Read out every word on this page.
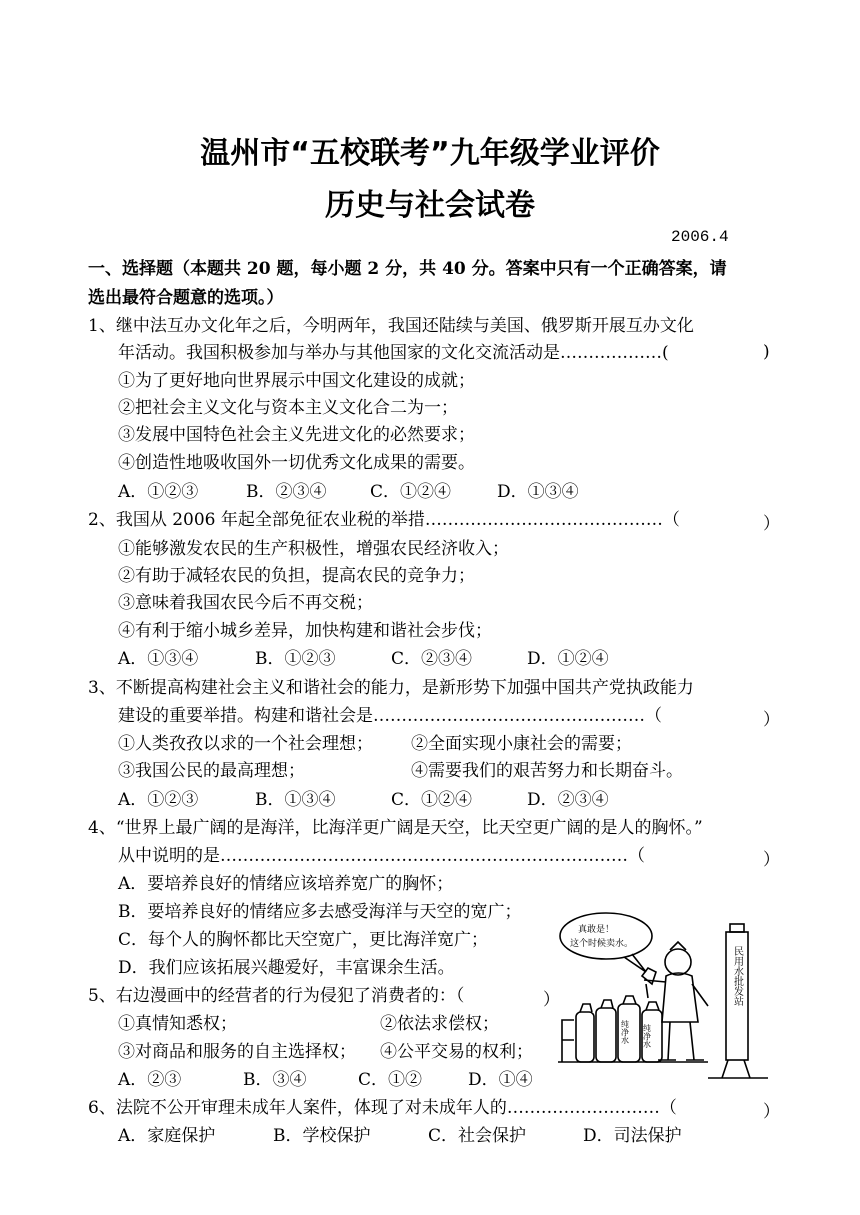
温州市“五校联考”九年级学业评价
历史与社会试卷
2006.4
一、选择题（本题共 20 题，每小题 2 分，共 40 分。答案中只有一个正确答案，请
选出最符合题意的选项。）
1、继中法互办文化年之后，今明两年，我国还陆续与美国、俄罗斯开展互办文化
年活动。我国积极参加与举办与其他国家的文化交流活动是………………(	)
①为了更好地向世界展示中国文化建设的成就；
②把社会主义文化与资本主义文化合二为一；
③发展中国特色社会主义先进文化的必然要求；
④创造性地吸收国外一切优秀文化成果的需要。
A．①②③	B．②③④	C．①②④	D．①③④
2、我国从 2006 年起全部免征农业税的举措……………………………………（	）
①能够激发农民的生产积极性，增强农民经济收入；
②有助于减轻农民的负担，提高农民的竞争力；
③意味着我国农民今后不再交税；
④有利于缩小城乡差异，加快构建和谐社会步伐；
A．①③④	B．①②③	C．②③④	D．①②④
3、不断提高构建社会主义和谐社会的能力，是新形势下加强中国共产党执政能力
建设的重要举措。构建和谐社会是…………………………………………（	）
①人类孜孜以求的一个社会理想； ②全面实现小康社会的需要；
③我国公民的最高理想；	④需要我们的艰苦努力和长期奋斗。
A．①②③	B．①③④	C．①②④	D．②③④
4、“世界上最广阔的是海洋，比海洋更广阔是天空，比天空更广阔的是人的胸怀。”
从中说明的是………………………………………………………………（	）
A．要培养良好的情绪应该培养宽广的胸怀；
B．要培养良好的情绪应多去感受海洋与天空的宽广；
C．每个人的胸怀都比天空宽广，更比海洋宽广；
D．我们应该拓展兴趣爱好，丰富课余生活。
5、右边漫画中的经营者的行为侵犯了消费者的：（	）
①真情知悉权；	②依法求偿权；
③对商品和服务的自主选择权； ④公平交易的权利；
A．②③	B．③④	C．①②	D．①④
6、法院不公开审理未成年人案件，体现了对未成年人的………………………（	）
A．家庭保护	B．学校保护	C．社会保护	D．司法保护
真敢是！
这个时候卖水。
民用水批发站
纯净水 纯净水
